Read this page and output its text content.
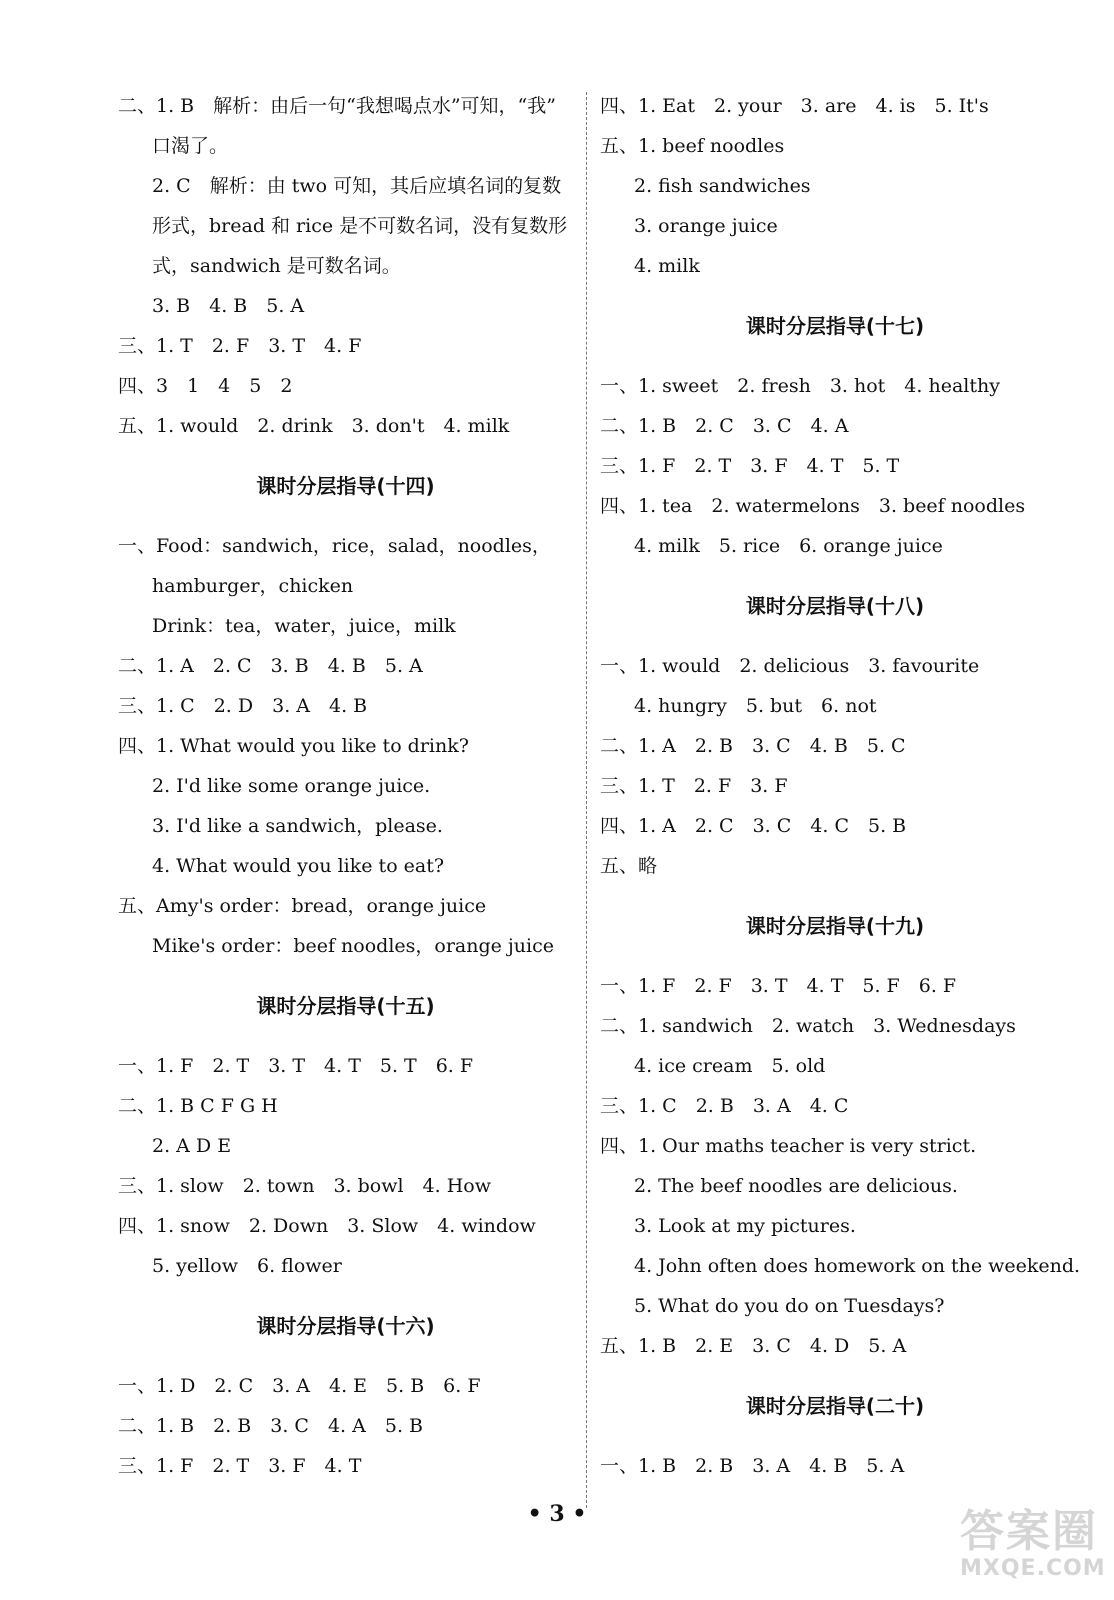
二、1. B　解析：由后一句“我想喝点水”可知，“我”
口渴了。
2. C　解析：由 two 可知，其后应填名词的复数形式，bread 和 rice 是不可数名词，没有复数形式，sandwich 是可数名词。
3. B　4. B　5. A
三、1. T　2. F　3. T　4. F
四、3　1　4　5　2
五、1. would　2. drink　3. don't　4. milk
课时分层指导(十四)
一、Food：sandwich，rice，salad，noodles，
hamburger，chicken
Drink：tea，water，juice，milk
二、1. A　2. C　3. B　4. B　5. A
三、1. C　2. D　3. A　4. B
四、1. What would you like to drink?
2. I'd like some orange juice.
3. I'd like a sandwich，please.
4. What would you like to eat?
五、Amy's order：bread，orange juice
Mike's order：beef noodles，orange juice
课时分层指导(十五)
一、1. F　2. T　3. T　4. T　5. T　6. F
二、1. B C F G H
2. A D E
三、1. slow　2. town　3. bowl　4. How
四、1. snow　2. Down　3. Slow　4. window
5. yellow　6. flower
课时分层指导(十六)
一、1. D　2. C　3. A　4. E　5. B　6. F
二、1. B　2. B　3. C　4. A　5. B
三、1. F　2. T　3. F　4. T
四、1. Eat　2. your　3. are　4. is　5. It's
五、1. beef noodles
2. fish sandwiches
3. orange juice
4. milk
课时分层指导(十七)
一、1. sweet　2. fresh　3. hot　4. healthy
二、1. B　2. C　3. C　4. A
三、1. F　2. T　3. F　4. T　5. T
四、1. tea　2. watermelons　3. beef noodles
4. milk　5. rice　6. orange juice
课时分层指导(十八)
一、1. would　2. delicious　3. favourite
4. hungry　5. but　6. not
二、1. A　2. B　3. C　4. B　5. C
三、1. T　2. F　3. F
四、1. A　2. C　3. C　4. C　5. B
五、略
课时分层指导(十九)
一、1. F　2. F　3. T　4. T　5. F　6. F
二、1. sandwich　2. watch　3. Wednesdays
4. ice cream　5. old
三、1. C　2. B　3. A　4. C
四、1. Our maths teacher is very strict.
2. The beef noodles are delicious.
3. Look at my pictures.
4. John often does homework on the weekend.
5. What do you do on Tuesdays?
五、1. B　2. E　3. C　4. D　5. A
课时分层指导(二十)
一、1. B　2. B　3. A　4. B　5. A
• 3 •	答案圈
MXQE.COM
